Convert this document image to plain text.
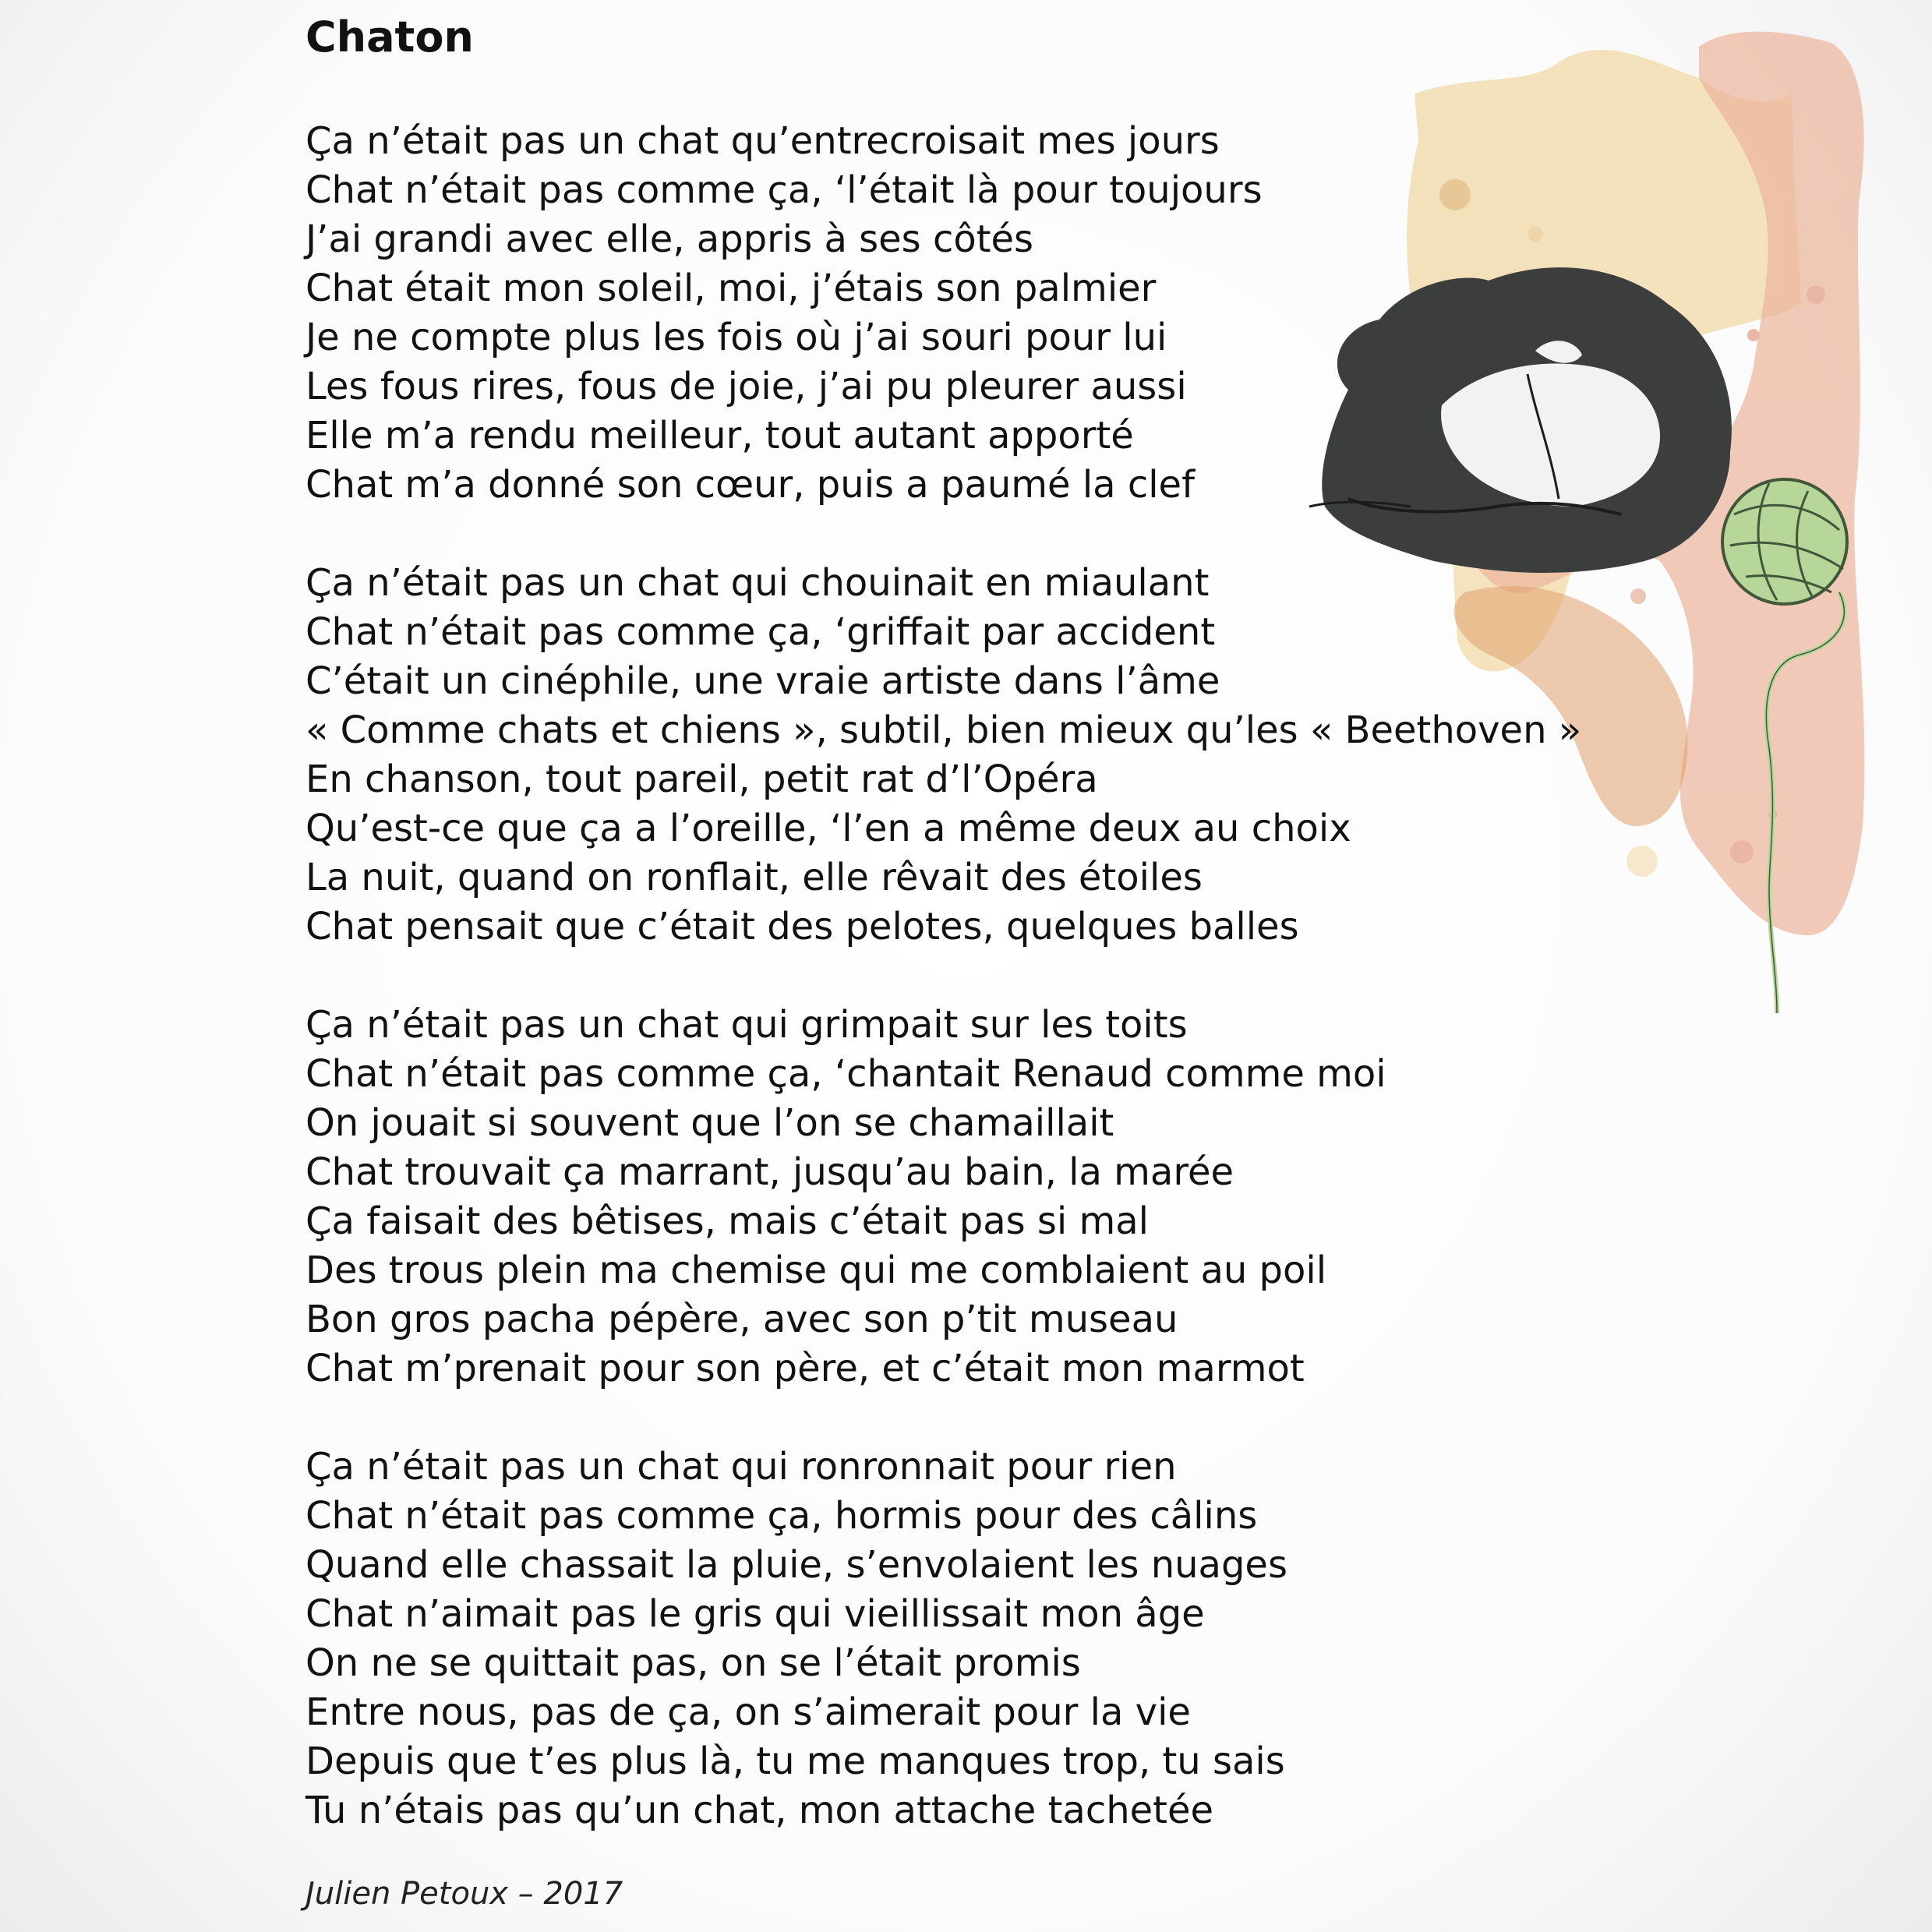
Chaton
Ça n’était pas un chat qu’entrecroisait mes jours
Chat n’était pas comme ça, ‘l’était là pour toujours
J’ai grandi avec elle, appris à ses côtés
Chat était mon soleil, moi, j’étais son palmier
Je ne compte plus les fois où j’ai souri pour lui
Les fous rires, fous de joie, j’ai pu pleurer aussi
Elle m’a rendu meilleur, tout autant apporté
Chat m’a donné son cœur, puis a paumé la clef
Ça n’était pas un chat qui chouinait en miaulant
Chat n’était pas comme ça, ‘griffait par accident
C’était un cinéphile, une vraie artiste dans l’âme
« Comme chats et chiens », subtil, bien mieux qu’les « Beethoven »
En chanson, tout pareil, petit rat d’l’Opéra
Qu’est-ce que ça a l’oreille, ‘l’en a même deux au choix
La nuit, quand on ronflait, elle rêvait des étoiles
Chat pensait que c’était des pelotes, quelques balles
Ça n’était pas un chat qui grimpait sur les toits
Chat n’était pas comme ça, ‘chantait Renaud comme moi
On jouait si souvent que l’on se chamaillait
Chat trouvait ça marrant, jusqu’au bain, la marée
Ça faisait des bêtises, mais c’était pas si mal
Des trous plein ma chemise qui me comblaient au poil
Bon gros pacha pépère, avec son p’tit museau
Chat m’prenait pour son père, et c’était mon marmot
Ça n’était pas un chat qui ronronnait pour rien
Chat n’était pas comme ça, hormis pour des câlins
Quand elle chassait la pluie, s’envolaient les nuages
Chat n’aimait pas le gris qui vieillissait mon âge
On ne se quittait pas, on se l’était promis
Entre nous, pas de ça, on s’aimerait pour la vie
Depuis que t’es plus là, tu me manques trop, tu sais
Tu n’étais pas qu’un chat, mon attache tachetée
Julien Petoux – 2017
